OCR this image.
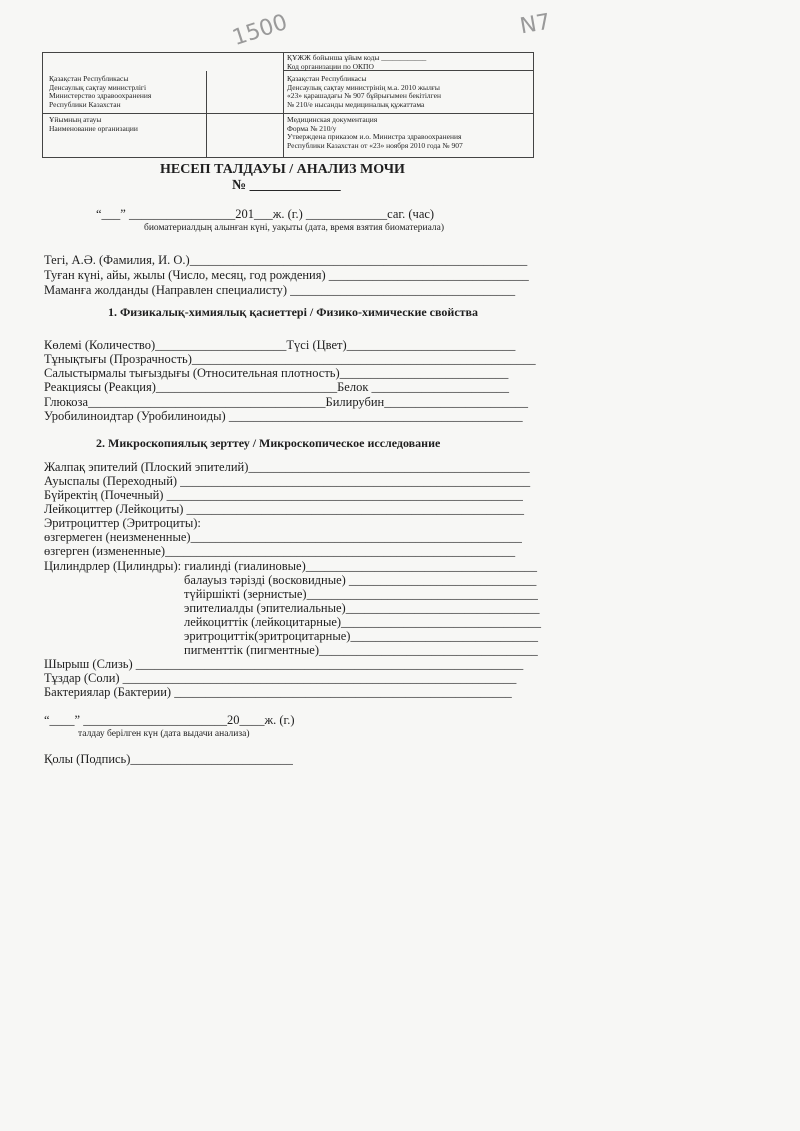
1500	N7
ҚҰЖЖ бойынша ұйым коды ____________
Код организации по ОКПО
Қазақстан Республикасы
Денсаулық сақтау министрлігі
Министерство здравоохранения
Республики Казахстан
Қазақстан Республикасы
Денсаулық сақтау министрінің м.а. 2010 жылғы
«23» қарашадағы № 907 бұйрығымен бекітілген
№ 210/е нысанды медициналық құжаттама
Ұйымның атауы
Наименование организации
Медицинская документация
Форма № 210/у
Утверждена приказом и.о. Министра здравоохранения
Республики Казахстан от «23» ноября 2010 года № 907
НЕСЕП ТАЛДАУЫ / АНАЛИЗ МОЧИ
№ _____________
“___” _________________201___ж. (г.) _____________саг. (час)
биоматериалдың алынған күні, уақыты (дата, время взятия биоматериала)
Тегі, А.Ә. (Фамилия, И. О.)______________________________________________________
Туған күні, айы, жылы (Число, месяц, год рождения) ________________________________
Маманға жолданды (Направлен специалисту) ____________________________________
1. Физикалық-химиялық қасиеттері / Физико-химические свойства
Көлемі (Количество)_____________________Түсі (Цвет)___________________________
Тұнықтығы (Прозрачность)_______________________________________________________
Салыстырмалы тығыздығы (Относительная плотность)___________________________
Реакциясы (Реакция)_____________________________Белок ______________________
Глюкоза______________________________________Билирубин_______________________
Уробилиноидтар (Уробилиноиды) _______________________________________________
2. Микроскопиялық зерттеу / Микроскопическое исследование
Жалпақ эпителий (Плоский эпителий)_____________________________________________
Ауыспалы (Переходный) ________________________________________________________
Бүйректің (Почечный) _________________________________________________________
Лейкоциттер (Лейкоциты) ______________________________________________________
Эритроциттер (Эритроциты):
өзгермеген (неизмененные)_____________________________________________________
өзгерген (измененные)________________________________________________________
Цилиндрлер (Цилиндры): гиалинді (гиалиновые)_____________________________________
балауыз тәрізді (восковидные) ______________________________
түйіршікті (зернистые)_____________________________________
эпителиалды (эпителиальные)_______________________________
лейкоциттік (лейкоцитарные)________________________________
эритроциттік(эритроцитарные)______________________________
пигменттік (пигментные)___________________________________
Шырыш (Слизь) ______________________________________________________________
Тұздар (Соли) _______________________________________________________________
Бактериялар (Бактерии) ______________________________________________________
“____” _______________________20____ж. (г.)
талдау берілген күн (дата выдачи анализа)
Қолы (Подпись)__________________________
